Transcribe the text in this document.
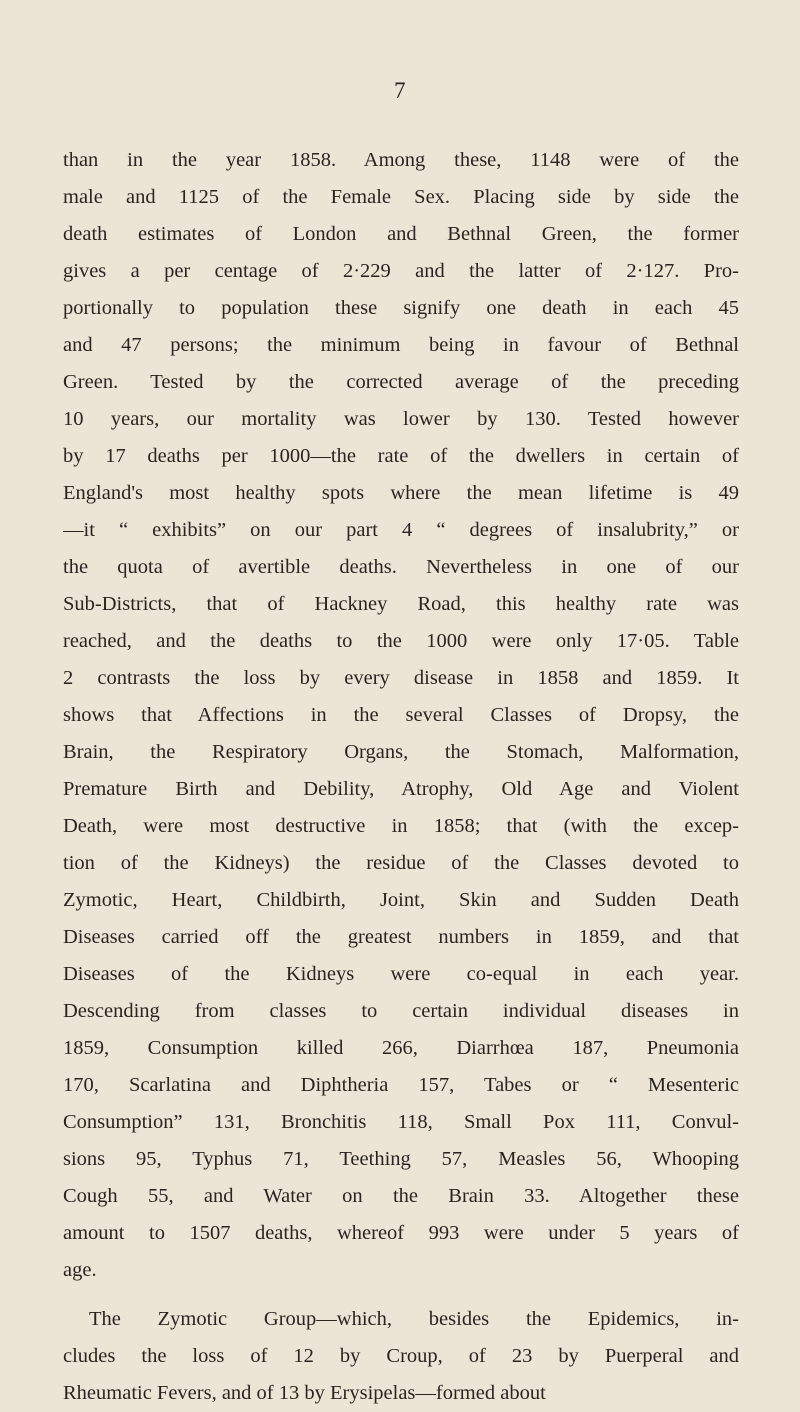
7
than in the year 1858. Among these, 1148 were of the
male and 1125 of the Female Sex. Placing side by side the
death estimates of London and Bethnal Green, the former
gives a per centage of 2·229 and the latter of 2·127. Pro-
portionally to population these signify one death in each 45
and 47 persons; the minimum being in favour of Bethnal
Green. Tested by the corrected average of the preceding
10 years, our mortality was lower by 130. Tested however
by 17 deaths per 1000—the rate of the dwellers in certain of
England's most healthy spots where the mean lifetime is 49
—it “ exhibits” on our part 4 “ degrees of insalubrity,” or
the quota of avertible deaths. Nevertheless in one of our
Sub-Districts, that of Hackney Road, this healthy rate was
reached, and the deaths to the 1000 were only 17·05. Table
2 contrasts the loss by every disease in 1858 and 1859. It
shows that Affections in the several Classes of Dropsy, the
Brain, the Respiratory Organs, the Stomach, Malformation,
Premature Birth and Debility, Atrophy, Old Age and Violent
Death, were most destructive in 1858; that (with the excep-
tion of the Kidneys) the residue of the Classes devoted to
Zymotic, Heart, Childbirth, Joint, Skin and Sudden Death
Diseases carried off the greatest numbers in 1859, and that
Diseases of the Kidneys were co-equal in each year.
Descending from classes to certain individual diseases in
1859, Consumption killed 266, Diarrhœa 187, Pneumonia
170, Scarlatina and Diphtheria 157, Tabes or “ Mesenteric
Consumption” 131, Bronchitis 118, Small Pox 111, Convul-
sions 95, Typhus 71, Teething 57, Measles 56, Whooping
Cough 55, and Water on the Brain 33. Altogether these
amount to 1507 deaths, whereof 993 were under 5 years of
age.
The Zymotic Group—which, besides the Epidemics, in-
cludes the loss of 12 by Croup, of 23 by Puerperal and
Rheumatic Fevers, and of 13 by Erysipelas—formed about
